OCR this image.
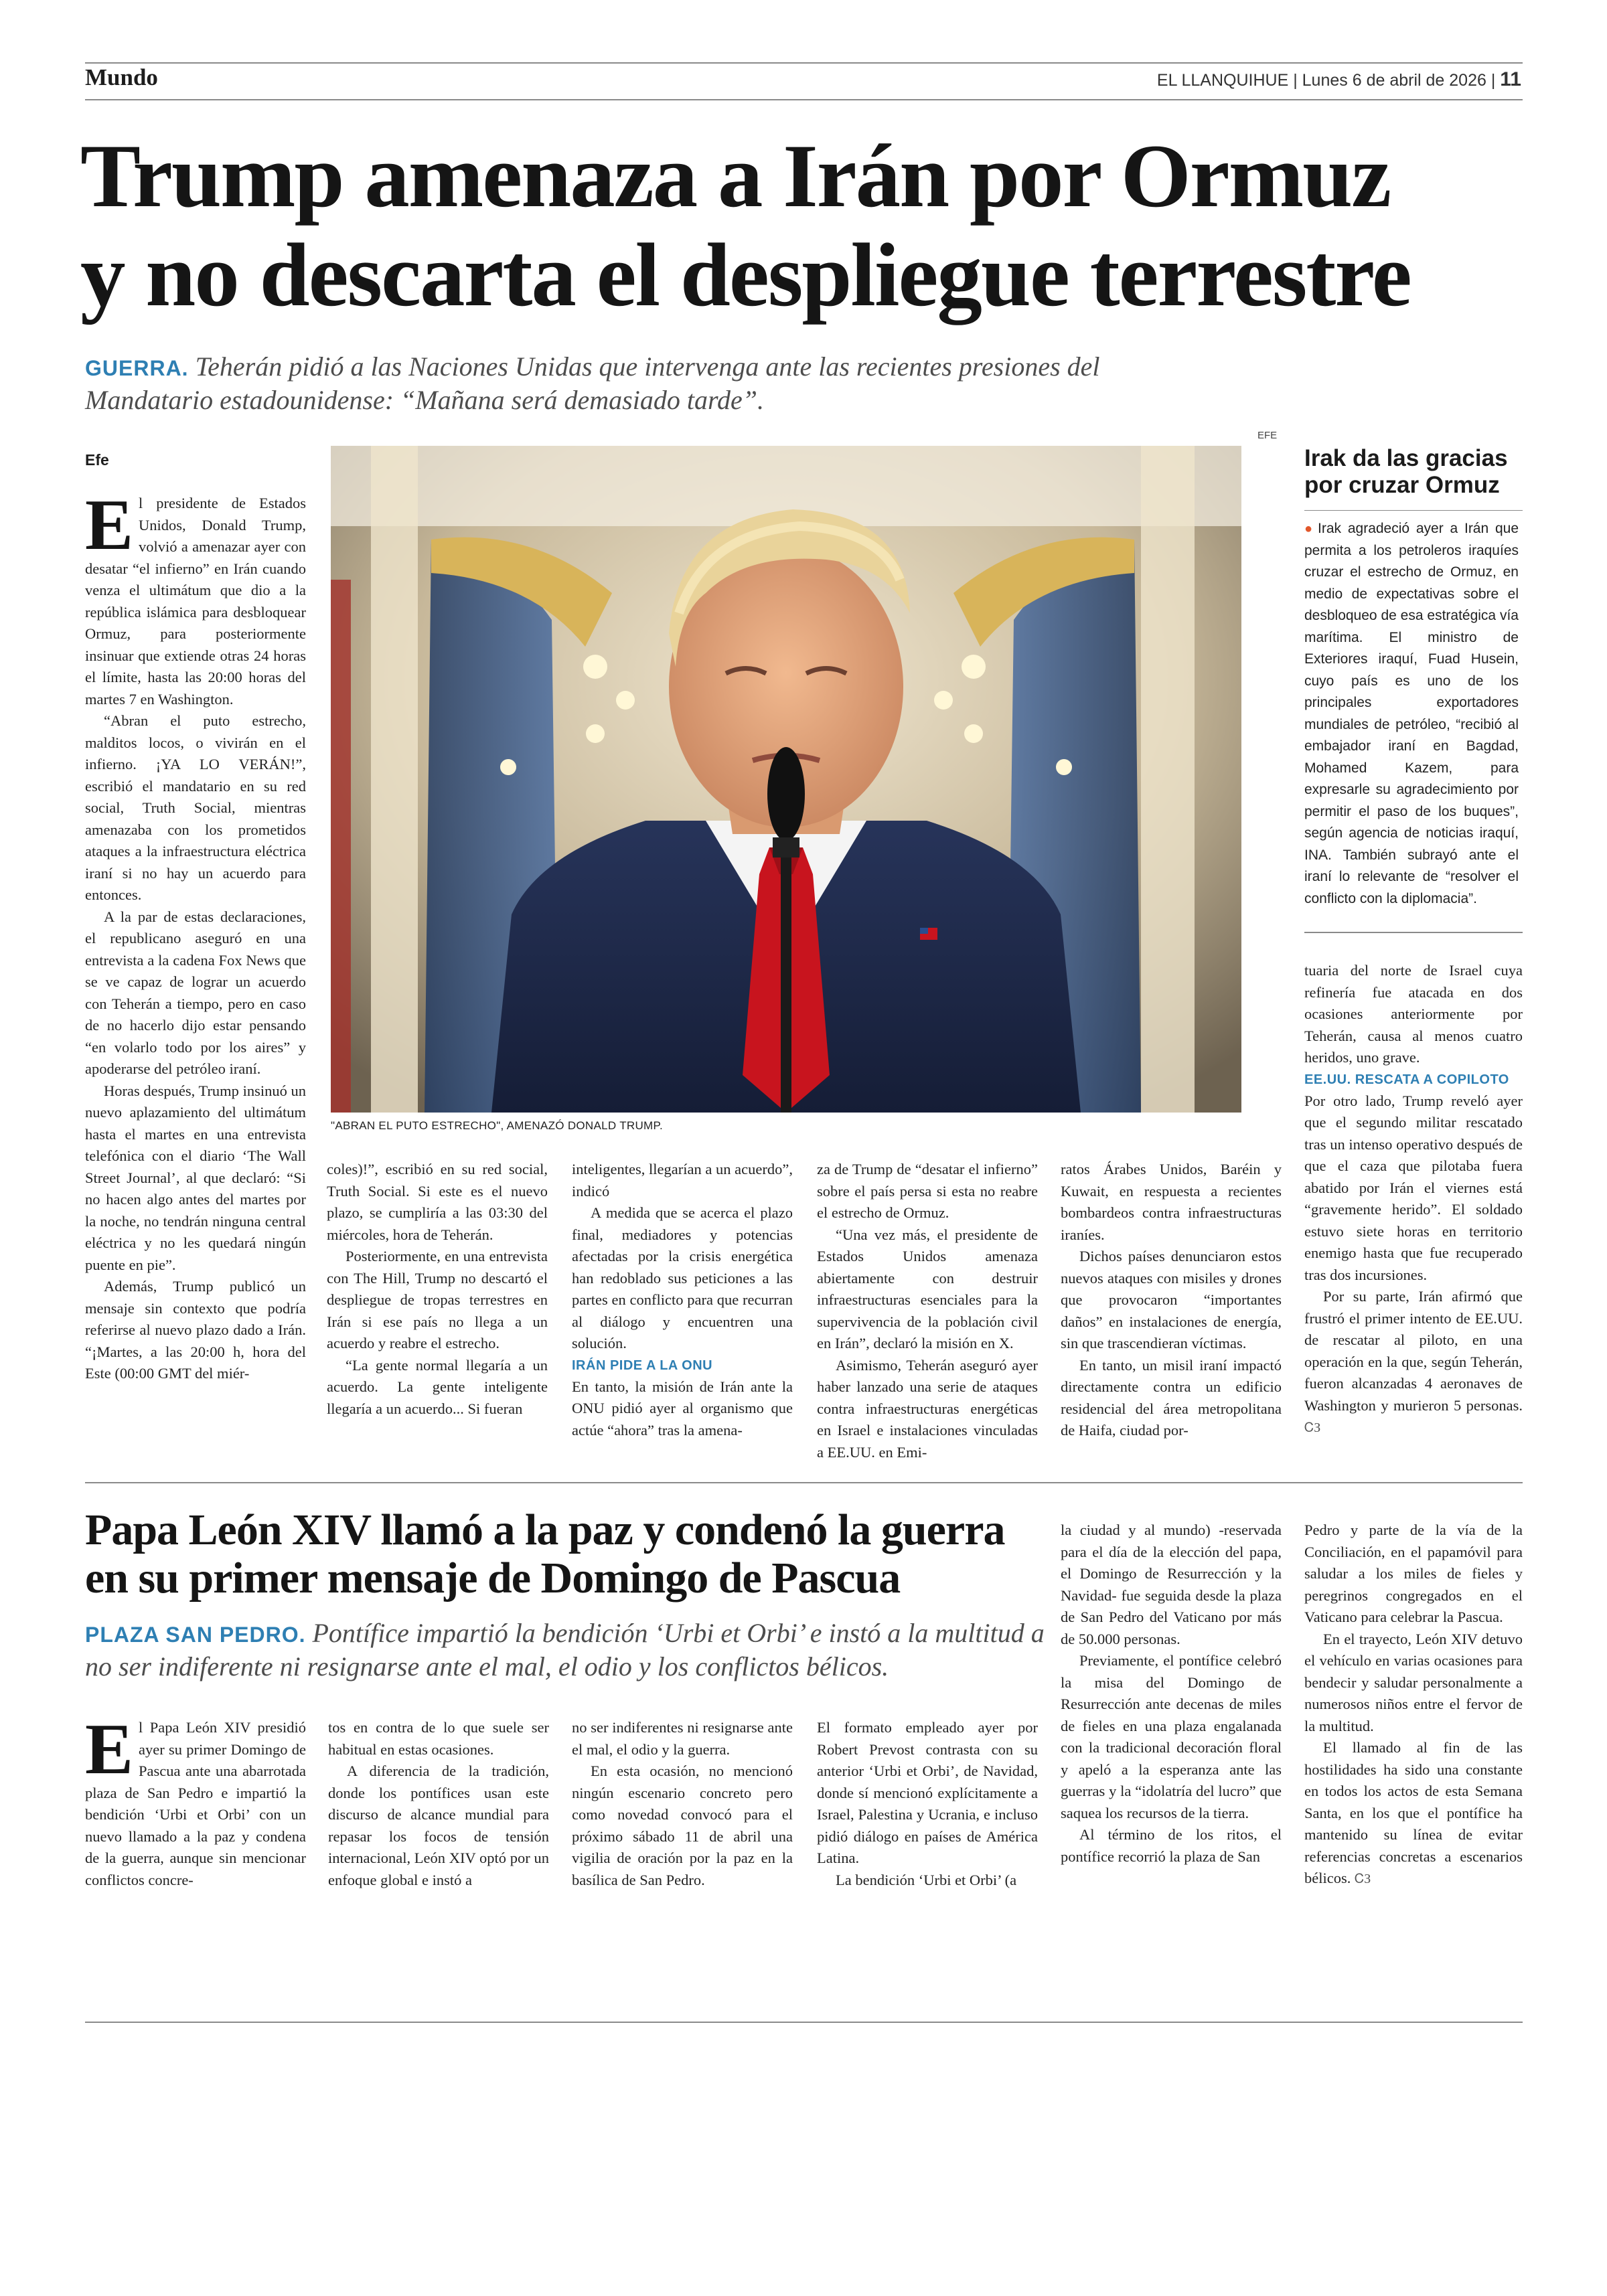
Mundo	EL LLANQUIHUE | Lunes 6 de abril de 2026 | 11
Trump amenaza a Irán por Ormuz
y no descarta el despliegue terrestre
GUERRA. Teherán pidió a las Naciones Unidas que intervenga ante las recientes presiones del Mandatario estadounidense: “Mañana será demasiado tarde”.
Efe
EFE
"ABRAN EL PUTO ESTRECHO", AMENAZÓ DONALD TRUMP.
Irak da las gracias por cruzar Ormuz
● Irak agradeció ayer a Irán que permita a los petroleros iraquíes cruzar el estrecho de Ormuz, en medio de expectativas sobre el desbloqueo de esa estratégica vía marítima. El ministro de Exteriores iraquí, Fuad Husein, cuyo país es uno de los principales exportadores mundiales de petróleo, “recibió al embajador iraní en Bagdad, Mohamed Kazem, para expresarle su agradecimiento por permitir el paso de los buques”, según agencia de noticias iraquí, INA. También subrayó ante el iraní lo relevante de “resolver el conflicto con la diplomacia”.

El presidente de Estados Unidos, Donald Trump, volvió a amenazar ayer con desatar “el infierno” en Irán cuando venza el ultimátum que dio a la república islámica para desbloquear Ormuz, para posteriormente insinuar que extiende otras 24 horas el límite, hasta las 20:00 horas del martes 7 en Washington.

“Abran el puto estrecho, malditos locos, o vivirán en el infierno. ¡YA LO VERÁN!”, escribió el mandatario en su red social, Truth Social, mientras amenazaba con los prometidos ataques a la infraestructura eléctrica iraní si no hay un acuerdo para entonces.

A la par de estas declaraciones, el republicano aseguró en una entrevista a la cadena Fox News que se ve capaz de lograr un acuerdo con Teherán a tiempo, pero en caso de no hacerlo dijo estar pensando “en volarlo todo por los aires” y apoderarse del petróleo iraní.

Horas después, Trump insinuó un nuevo aplazamiento del ultimátum hasta el martes en una entrevista telefónica con el diario ‘The Wall Street Journal’, al que declaró: “Si no hacen algo antes del martes por la noche, no tendrán ninguna central eléctrica y no les quedará ningún puente en pie”.

Además, Trump publicó un mensaje sin contexto que podría referirse al nuevo plazo dado a Irán. “¡Martes, a las 20:00 h, hora del Este (00:00 GMT del miér-

coles)!”, escribió en su red social, Truth Social. Si este es el nuevo plazo, se cumpliría a las 03:30 del miércoles, hora de Teherán.

Posteriormente, en una entrevista con The Hill, Trump no descartó el despliegue de tropas terrestres en Irán si ese país no llega a un acuerdo y reabre el estrecho.

“La gente normal llegaría a un acuerdo. La gente inteligente llegaría a un acuerdo... Si fueran

inteligentes, llegarían a un acuerdo”, indicó

A medida que se acerca el plazo final, mediadores y potencias afectadas por la crisis energética han redoblado sus peticiones a las partes en conflicto para que recurran al diálogo y encuentren una solución.

IRÁN PIDE A LA ONU

En tanto, la misión de Irán ante la ONU pidió ayer al organismo que actúe “ahora” tras la amena-

za de Trump de “desatar el infierno” sobre el país persa si esta no reabre el estrecho de Ormuz.

“Una vez más, el presidente de Estados Unidos amenaza abiertamente con destruir infraestructuras esenciales para la supervivencia de la población civil en Irán”, declaró la misión en X.

Asimismo, Teherán aseguró ayer haber lanzado una serie de ataques contra infraestructuras energéticas en Israel e instalaciones vinculadas a EE.UU. en Emi-

ratos Árabes Unidos, Baréin y Kuwait, en respuesta a recientes bombardeos contra infraestructuras iraníes.

Dichos países denunciaron estos nuevos ataques con misiles y drones que provocaron “importantes daños” en instalaciones de energía, sin que trascendieran víctimas.

En tanto, un misil iraní impactó directamente contra un edificio residencial del área metropolitana de Haifa, ciudad por-

tuaria del norte de Israel cuya refinería fue atacada en dos ocasiones anteriormente por Teherán, causa al menos cuatro heridos, uno grave.

EE.UU. RESCATA A COPILOTO

Por otro lado, Trump reveló ayer que el segundo militar rescatado tras un intenso operativo después de que el caza que pilotaba fuera abatido por Irán el viernes está “gravemente herido”. El soldado estuvo siete horas en territorio enemigo hasta que fue recuperado tras dos incursiones.

Por su parte, Irán afirmó que frustró el primer intento de EE.UU. de rescatar al piloto, en una operación en la que, según Teherán, fueron alcanzadas 4 aeronaves de Washington y murieron 5 personas. ᏟЗ

Papa León XIV llamó a la paz y condenó la guerra
en su primer mensaje de Domingo de Pascua
PLAZA SAN PEDRO. Pontífice impartió la bendición ‘Urbi et Orbi’ e instó a la multitud a no ser indiferente ni resignarse ante el mal, el odio y los conflictos bélicos.

El Papa León XIV presidió ayer su primer Domingo de Pascua ante una abarrotada plaza de San Pedro e impartió la bendición ‘Urbi et Orbi’ con un nuevo llamado a la paz y condena de la guerra, aunque sin mencionar conflictos concre-

tos en contra de lo que suele ser habitual en estas ocasiones.

A diferencia de la tradición, donde los pontífices usan este discurso de alcance mundial para repasar los focos de tensión internacional, León XIV optó por un enfoque global e instó a

no ser indiferentes ni resignarse ante el mal, el odio y la guerra.

En esta ocasión, no mencionó ningún escenario concreto pero como novedad convocó para el próximo sábado 11 de abril una vigilia de oración por la paz en la basílica de San Pedro.

El formato empleado ayer por Robert Prevost contrasta con su anterior ‘Urbi et Orbi’, de Navidad, donde sí mencionó explícitamente a Israel, Palestina y Ucrania, e incluso pidió diálogo en países de América Latina.

La bendición ‘Urbi et Orbi’ (a

la ciudad y al mundo) -reservada para el día de la elección del papa, el Domingo de Resurrección y la Navidad- fue seguida desde la plaza de San Pedro del Vaticano por más de 50.000 personas.

Previamente, el pontífice celebró la misa del Domingo de Resurrección ante decenas de miles de fieles en una plaza engalanada con la tradicional decoración floral y apeló a la esperanza ante las guerras y la “idolatría del lucro” que saquea los recursos de la tierra.

Al término de los ritos, el pontífice recorrió la plaza de San

Pedro y parte de la vía de la Conciliación, en el papamóvil para saludar a los miles de fieles y peregrinos congregados en el Vaticano para celebrar la Pascua.

En el trayecto, León XIV detuvo el vehículo en varias ocasiones para bendecir y saludar personalmente a numerosos niños entre el fervor de la multitud.

El llamado al fin de las hostilidades ha sido una constante en todos los actos de esta Semana Santa, en los que el pontífice ha mantenido su línea de evitar referencias concretas a escenarios bélicos. ᏟЗ
